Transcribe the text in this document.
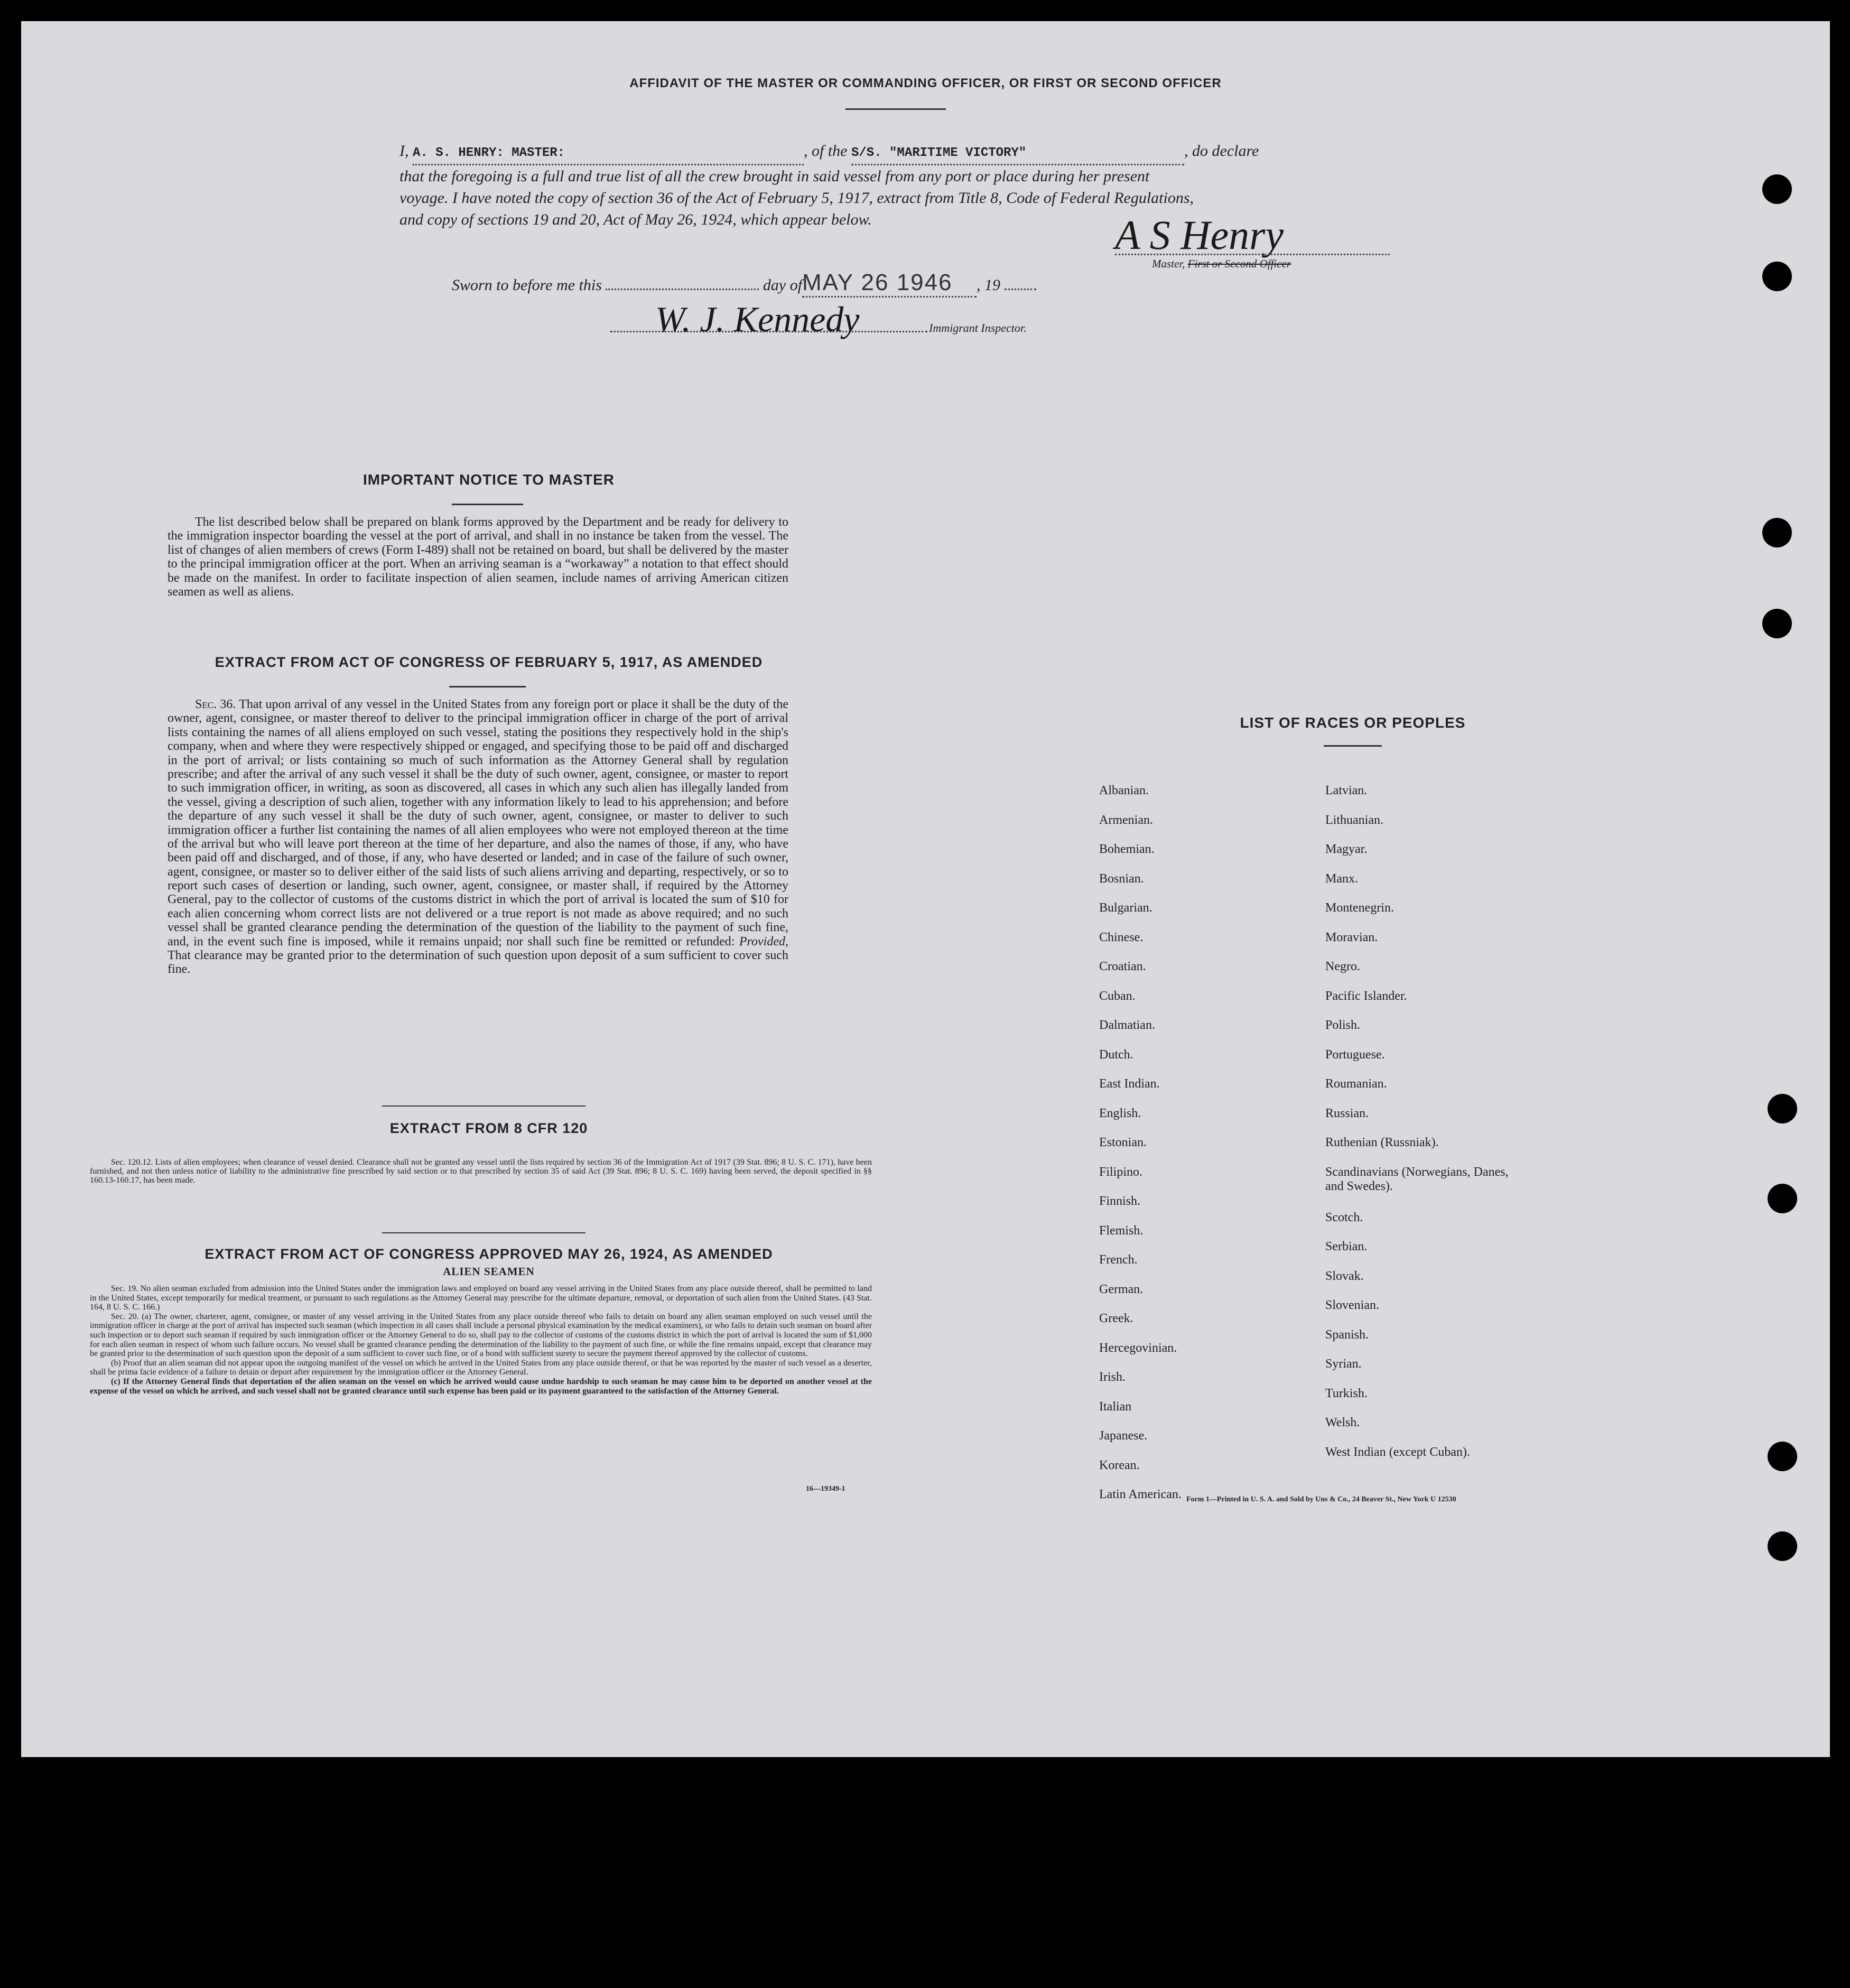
AFFIDAVIT OF THE MASTER OR COMMANDING OFFICER, OR FIRST OR SECOND OFFICER
I, A. S. HENRY: MASTER:	, of the S/S. "MARITIME VICTORY"	, do declare
that the foregoing is a full and true list of all the crew brought in said vessel from any port or place during her present
voyage. I have noted the copy of section 36 of the Act of February 5, 1917, extract from Title 8, Code of Federal Regulations,
and copy of sections 19 and 20, Act of May 26, 1924, which appear below.	A S Henry
Master, First or Second Officer
Sworn to before me this	day ofMAY 26 1946 , 19
W. J. Kennedy	Immigrant Inspector.
IMPORTANT NOTICE TO MASTER
The list described below shall be prepared on blank forms approved by the Department and be ready for delivery to the immigration inspector boarding the vessel at the port of arrival, and shall in no instance be taken from the vessel. The list of changes of alien members of crews (Form I-489) shall not be retained on board, but shall be delivered by the master to the principal immigration officer at the port. When an arriving seaman is a “workaway” a notation to that effect should be made on the manifest. In order to facilitate inspection of alien seamen, include names of arriving American citizen seamen as well as aliens.
EXTRACT FROM ACT OF CONGRESS OF FEBRUARY 5, 1917, AS AMENDED
Sec. 36. That upon arrival of any vessel in the United States from any foreign port or place it shall be the duty of the owner, agent, consignee, or master thereof to deliver to the principal immigration officer in charge of the port of arrival lists containing the names of all aliens employed on such vessel, stating the positions they respectively hold in the ship's company, when and where they were respectively shipped or engaged, and specifying those to be paid off and discharged in the port of arrival; or lists containing so much of such information as the Attorney General shall by regulation prescribe; and after the arrival of any such vessel it shall be the duty of such owner, agent, consignee, or master to report to such immigration officer, in writing, as soon as discovered, all cases in which any such alien has illegally landed from the vessel, giving a description of such alien, together with any information likely to lead to his apprehension; and before the departure of any such vessel it shall be the duty of such owner, agent, consignee, or master to deliver to such immigration officer a further list containing the names of all alien employees who were not employed thereon at the time of the arrival but who will leave port thereon at the time of her departure, and also the names of those, if any, who have been paid off and discharged, and of those, if any, who have deserted or landed; and in case of the failure of such owner, agent, consignee, or master so to deliver either of the said lists of such aliens arriving and departing, respectively, or so to report such cases of desertion or landing, such owner, agent, consignee, or master shall, if required by the Attorney General, pay to the collector of customs of the customs district in which the port of arrival is located the sum of $10 for each alien concerning whom correct lists are not delivered or a true report is not made as above required; and no such vessel shall be granted clearance pending the determination of the question of the liability to the payment of such fine, and, in the event such fine is imposed, while it remains unpaid; nor shall such fine be remitted or refunded: Provided, That clearance may be granted prior to the determination of such question upon deposit of a sum sufficient to cover such fine.
EXTRACT FROM 8 CFR 120
Sec. 120.12. Lists of alien employees; when clearance of vessel denied. Clearance shall not be granted any vessel until the lists required by section 36 of the Immigration Act of 1917 (39 Stat. 896; 8 U. S. C. 171), have been furnished, and not then unless notice of liability to the administrative fine prescribed by said section or to that prescribed by section 35 of said Act (39 Stat. 896; 8 U. S. C. 169) having been served, the deposit specified in §§ 160.13-160.17, has been made.
EXTRACT FROM ACT OF CONGRESS APPROVED MAY 26, 1924, AS AMENDED
ALIEN SEAMEN
Sec. 19. No alien seaman excluded from admission into the United States under the immigration laws and employed on board any vessel arriving in the United States from any place outside thereof, shall be permitted to land in the United States, except temporarily for medical treatment, or pursuant to such regulations as the Attorney General may prescribe for the ultimate departure, removal, or deportation of such alien from the United States. (43 Stat. 164, 8 U. S. C. 166.)
Sec. 20. (a) The owner, charterer, agent, consignee, or master of any vessel arriving in the United States from any place outside thereof who fails to detain on board any alien seaman employed on such vessel until the immigration officer in charge at the port of arrival has inspected such seaman (which inspection in all cases shall include a personal physical examination by the medical examiners), or who fails to detain such seaman on board after such inspection or to deport such seaman if required by such immigration officer or the Attorney General to do so, shall pay to the collector of customs of the customs district in which the port of arrival is located the sum of $1,000 for each alien seaman in respect of whom such failure occurs. No vessel shall be granted clearance pending the determination of the liability to the payment of such fine, or while the fine remains unpaid, except that clearance may be granted prior to the determination of such question upon the deposit of a sum sufficient to cover such fine, or of a bond with sufficient surety to secure the payment thereof approved by the collector of customs.
(b) Proof that an alien seaman did not appear upon the outgoing manifest of the vessel on which he arrived in the United States from any place outside thereof, or that he was reported by the master of such vessel as a deserter, shall be prima facie evidence of a failure to detain or deport after requirement by the immigration officer or the Attorney General.
(c) If the Attorney General finds that deportation of the alien seaman on the vessel on which he arrived would cause undue hardship to such seaman he may cause him to be deported on another vessel at the expense of the vessel on which he arrived, and such vessel shall not be granted clearance until such expense has been paid or its payment guaranteed to the satisfaction of the Attorney General.
16—19349-1
LIST OF RACES OR PEOPLES
Albanian.
Armenian.
Bohemian.
Bosnian.
Bulgarian.
Chinese.
Croatian.
Cuban.
Dalmatian.
Dutch.
East Indian.
English.
Estonian.
Filipino.
Finnish.
Flemish.
French.
German.
Greek.
Hercegovinian.
Irish.
Italian
Japanese.
Korean.
Latin American.
Latvian.
Lithuanian.
Magyar.
Manx.
Montenegrin.
Moravian.
Negro.
Pacific Islander.
Polish.
Portuguese.
Roumanian.
Russian.
Ruthenian (Russniak).
Scandinavians (Norwegians, Danes, and Swedes).
Scotch.
Serbian.
Slovak.
Slovenian.
Spanish.
Syrian.
Turkish.
Welsh.
West Indian (except Cuban).
Form 1—Printed in U. S. A. and Sold by Uns & Co., 24 Beaver St., New York U 12530
